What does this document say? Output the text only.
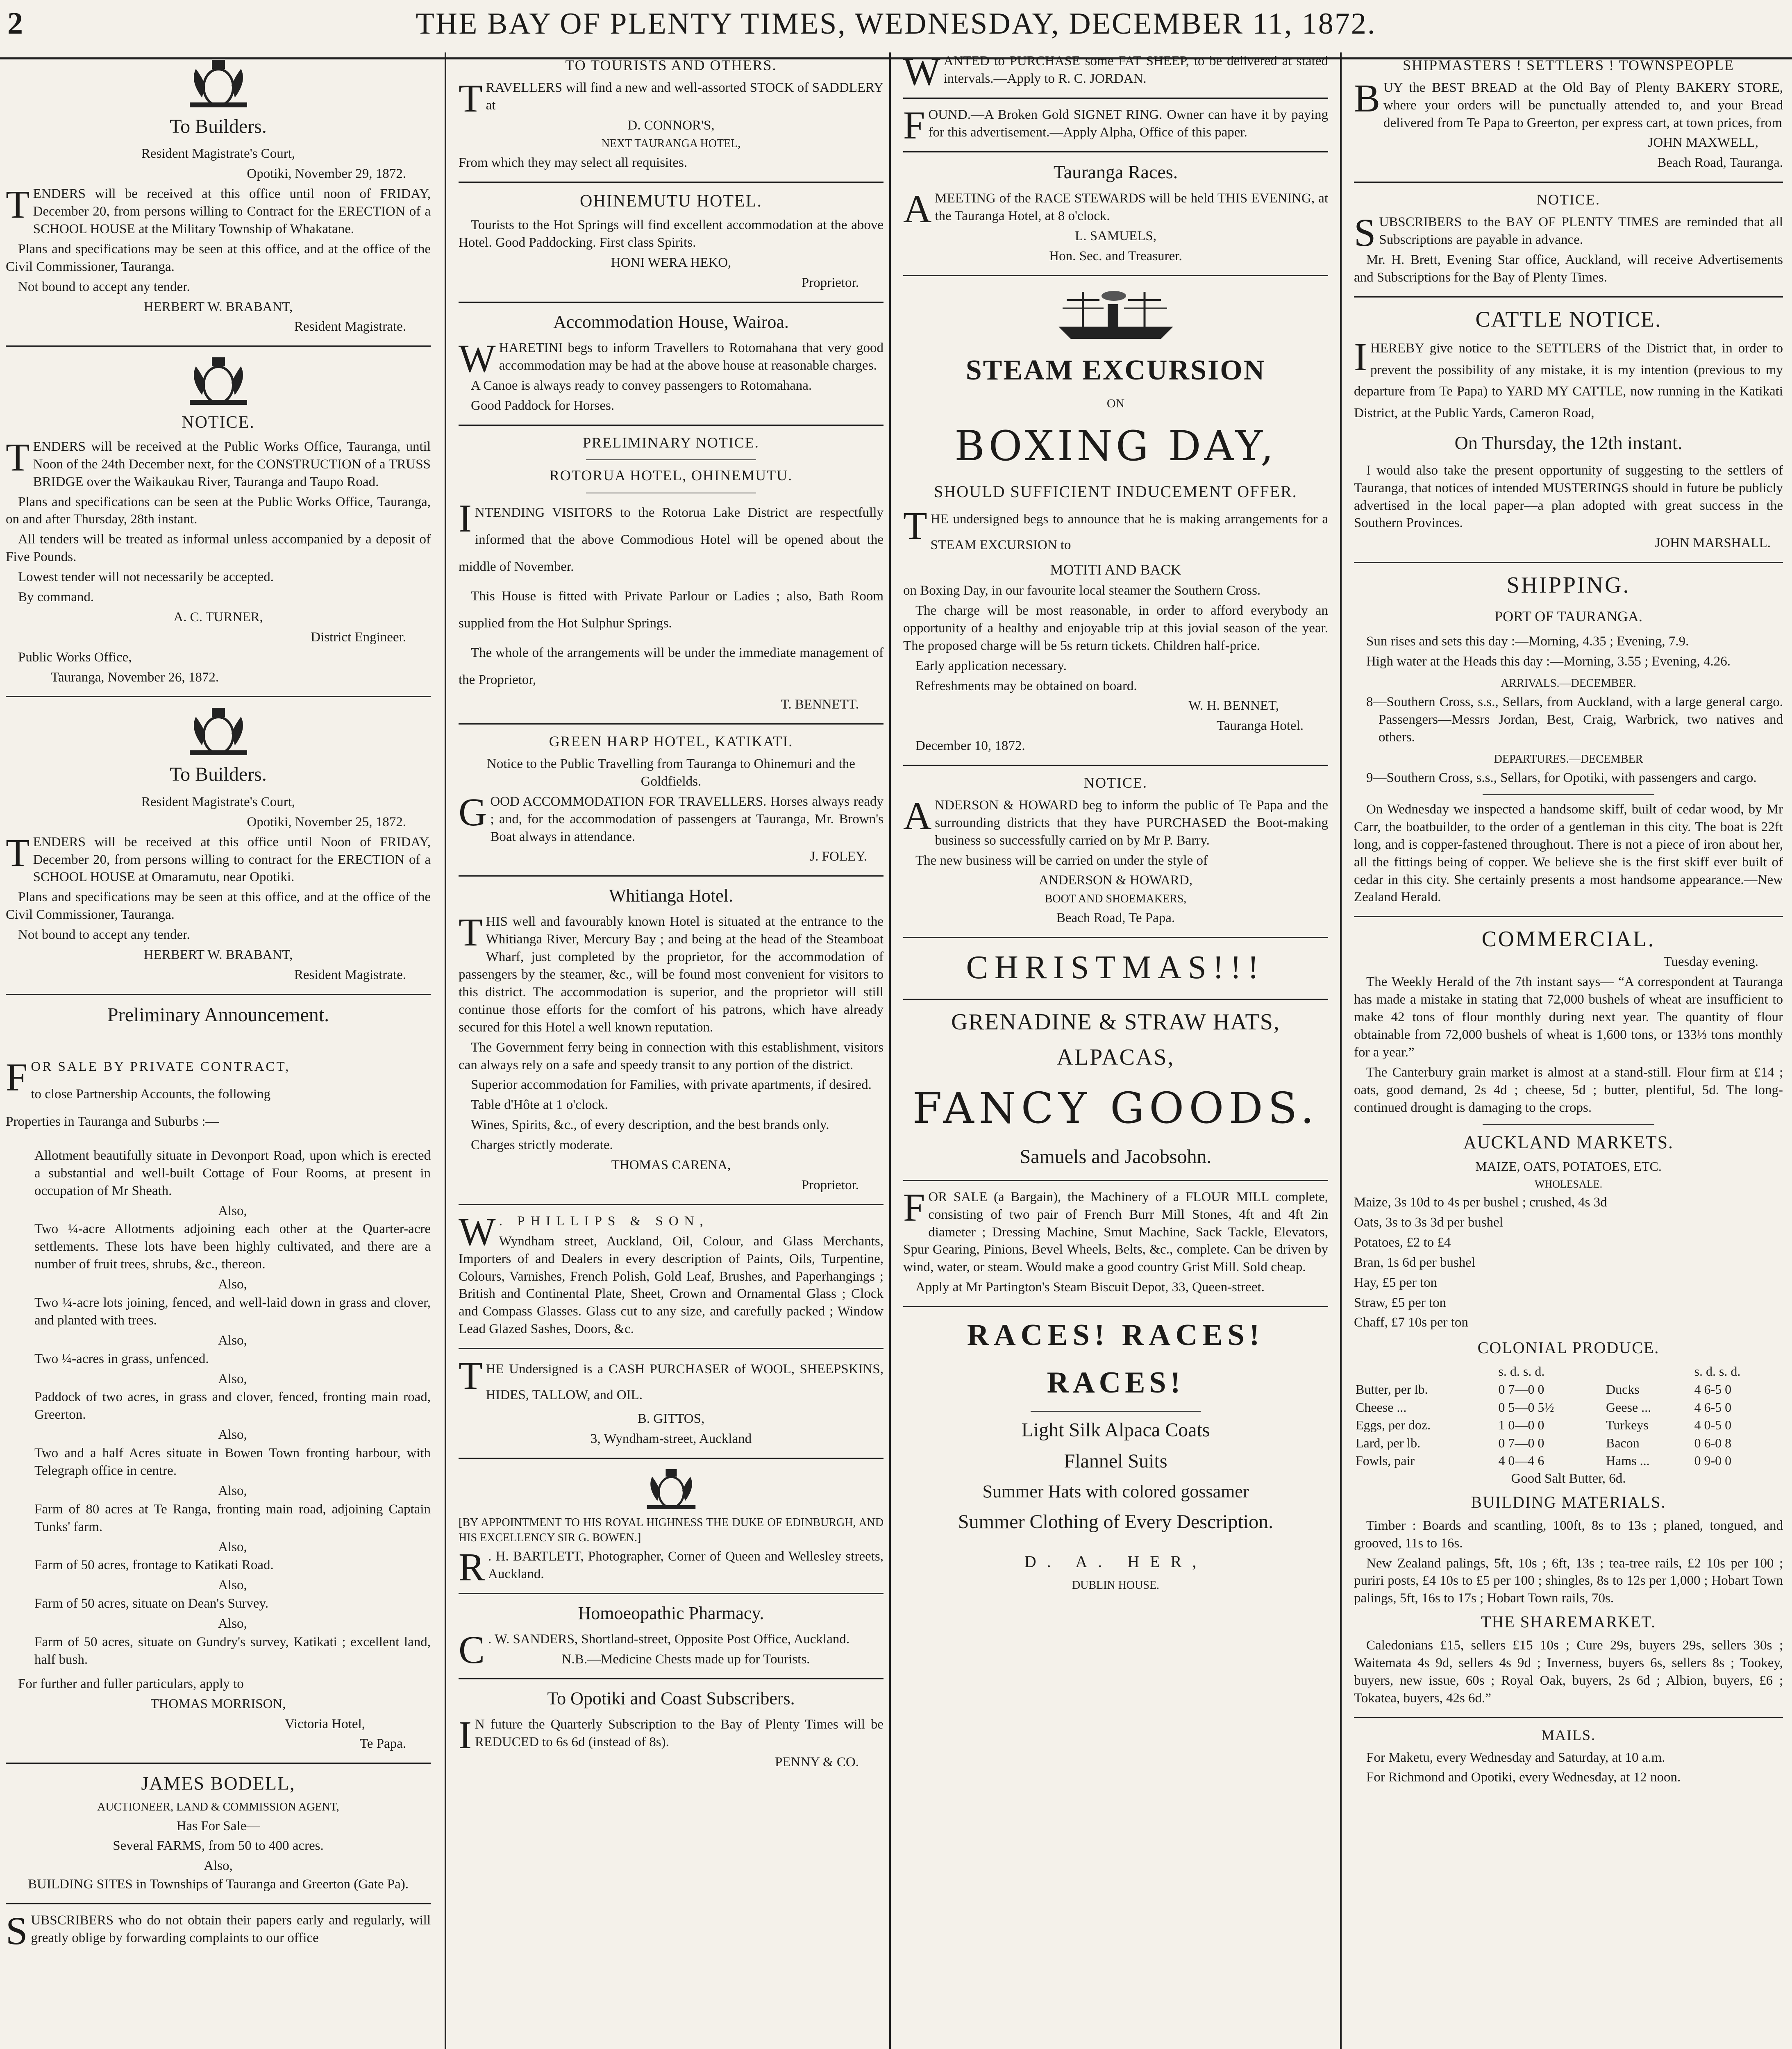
2	THE BAY OF PLENTY TIMES, WEDNESDAY, DECEMBER 11, 1872.
To Builders.

Resident Magistrate's Court,

Opotiki, November 29, 1872.

TENDERS will be received at this office until noon of FRIDAY, December 20, from persons willing to Contract for the ERECTION of a SCHOOL HOUSE at the Military Township of Whakatane.

Plans and specifications may be seen at this office, and at the office of the Civil Commissioner, Tauranga.

Not bound to accept any tender.

HERBERT W. BRABANT,

Resident Magistrate.

NOTICE.

TENDERS will be received at the Public Works Office, Tauranga, until Noon of the 24th December next, for the CONSTRUCTION of a TRUSS BRIDGE over the Waikaukau River, Tauranga and Taupo Road.

Plans and specifications can be seen at the Public Works Office, Tauranga, on and after Thursday, 28th instant.

All tenders will be treated as informal unless accompanied by a deposit of Five Pounds.

Lowest tender will not necessarily be accepted.

By command.

A. C. TURNER,

District Engineer.

Public Works Office,

Tauranga, November 26, 1872.

To Builders.

Resident Magistrate's Court,

Opotiki, November 25, 1872.

TENDERS will be received at this office until Noon of FRIDAY, December 20, from persons willing to contract for the ERECTION of a SCHOOL HOUSE at Omaramutu, near Opotiki.

Plans and specifications may be seen at this office, and at the office of the Civil Commissioner, Tauranga.

Not bound to accept any tender.

HERBERT W. BRABANT,

Resident Magistrate.

Preliminary Announcement.

FOR SALE BY PRIVATE CONTRACT,

to close Partnership Accounts, the following

Properties in Tauranga and Suburbs :—

Allotment beautifully situate in Devonport Road, upon which is erected a substantial and well-built Cottage of Four Rooms, at present in occupation of Mr Sheath.

Also,

Two ¼-acre Allotments adjoining each other at the Quarter-acre settlements. These lots have been highly cultivated, and there are a number of fruit trees, shrubs, &c., thereon.

Also,

Two ¼-acre lots joining, fenced, and well-laid down in grass and clover, and planted with trees.

Also,

Two ¼-acres in grass, unfenced.

Also,

Paddock of two acres, in grass and clover, fenced, fronting main road, Greerton.

Also,

Two and a half Acres situate in Bowen Town fronting harbour, with Telegraph office in centre.

Also,

Farm of 80 acres at Te Ranga, fronting main road, adjoining Captain Tunks' farm.

Also,

Farm of 50 acres, frontage to Katikati Road.

Also,

Farm of 50 acres, situate on Dean's Survey.

Also,

Farm of 50 acres, situate on Gundry's survey, Katikati ; excellent land, half bush.

For further and fuller particulars, apply to

THOMAS MORRISON,

Victoria Hotel,

Te Papa.

JAMES BODELL,

AUCTIONEER, LAND & COMMISSION AGENT,

Has For Sale—

Several FARMS, from 50 to 400 acres.

Also,

BUILDING SITES in Townships of Tauranga and Greerton (Gate Pa).

SUBSCRIBERS who do not obtain their papers early and regularly, will greatly oblige by forwarding complaints to our office

TO TOURISTS AND OTHERS.

TRAVELLERS will find a new and well-assorted STOCK of SADDLERY at

D. CONNOR'S,

NEXT TAURANGA HOTEL,

From which they may select all requisites.

OHINEMUTU HOTEL.

Tourists to the Hot Springs will find excellent accommodation at the above Hotel. Good Paddocking. First class Spirits.

HONI WERA HEKO,

Proprietor.

Accommodation House, Wairoa.

WHARETINI begs to inform Travellers to Rotomahana that very good accommodation may be had at the above house at reasonable charges.

A Canoe is always ready to convey passengers to Rotomahana.

Good Paddock for Horses.

PRELIMINARY NOTICE.
ROTORUA HOTEL, OHINEMUTU.

INTENDING VISITORS to the Rotorua Lake District are respectfully informed that the above Commodious Hotel will be opened about the middle of November.

This House is fitted with Private Parlour or Ladies ; also, Bath Room supplied from the Hot Sulphur Springs.

The whole of the arrangements will be under the immediate management of the Proprietor,

T. BENNETT.

GREEN HARP HOTEL, KATIKATI.

Notice to the Public Travelling from Tauranga to Ohinemuri and the Goldfields.

GOOD ACCOMMODATION FOR TRAVELLERS. Horses always ready ; and, for the accommodation of passengers at Tauranga, Mr. Brown's Boat always in attendance.

J. FOLEY.

Whitianga Hotel.

THIS well and favourably known Hotel is situated at the entrance to the Whitianga River, Mercury Bay ; and being at the head of the Steamboat Wharf, just completed by the proprietor, for the accommodation of passengers by the steamer, &c., will be found most convenient for visitors to this district. The accommodation is superior, and the proprietor will still continue those efforts for the comfort of his patrons, which have already secured for this Hotel a well known reputation.

The Government ferry being in connection with this establishment, visitors can always rely on a safe and speedy transit to any portion of the district.

Superior accommodation for Families, with private apartments, if desired.

Table d'Hôte at 1 o'clock.

Wines, Spirits, &c., of every description, and the best brands only.

Charges strictly moderate.

THOMAS CARENA,

Proprietor.

W . PHILLIPS & SON,

Wyndham street, Auckland, Oil, Colour, and Glass Merchants, Importers of and Dealers in every description of Paints, Oils, Turpentine, Colours, Varnishes, French Polish, Gold Leaf, Brushes, and Paperhangings ; British and Continental Plate, Sheet, Crown and Ornamental Glass ; Clock and Compass Glasses. Glass cut to any size, and carefully packed ; Window Lead Glazed Sashes, Doors, &c.

THE Undersigned is a CASH PURCHASER of WOOL, SHEEPSKINS, HIDES, TALLOW, and OIL.

B. GITTOS,

3, Wyndham-street, Auckland

[BY APPOINTMENT TO HIS ROYAL HIGHNESS THE DUKE OF EDINBURGH, AND HIS EXCELLENCY SIR G. BOWEN.]

R . H. BARTLETT, Photographer, Corner of Queen and Wellesley streets, Auckland.

Homoeopathic Pharmacy.

C . W. SANDERS, Shortland-street, Opposite Post Office, Auckland.

N.B.—Medicine Chests made up for Tourists.

To Opotiki and Coast Subscribers.

I N future the Quarterly Subscription to the Bay of Plenty Times will be REDUCED to 6s 6d (instead of 8s).

PENNY & CO.

WANTED to PURCHASE some FAT SHEEP, to be delivered at stated intervals.—Apply to R. C. JORDAN.

FOUND.—A Broken Gold SIGNET RING. Owner can have it by paying for this advertisement.—Apply Alpha, Office of this paper.

Tauranga Races.

AMEETING of the RACE STEWARDS will be held THIS EVENING, at the Tauranga Hotel, at 8 o'clock.

L. SAMUELS,

Hon. Sec. and Treasurer.

STEAM EXCURSION

ON

BOXING DAY,
SHOULD SUFFICIENT INDUCEMENT OFFER.

THE undersigned begs to announce that he is making arrangements for a STEAM EXCURSION to

MOTITI AND BACK

on Boxing Day, in our favourite local steamer the Southern Cross.

The charge will be most reasonable, in order to afford everybody an opportunity of a healthy and enjoyable trip at this jovial season of the year. The proposed charge will be 5s return tickets. Children half-price.

Early application necessary.

Refreshments may be obtained on board.

W. H. BENNET,

Tauranga Hotel.

December 10, 1872.

NOTICE.

ANDERSON & HOWARD beg to inform the public of Te Papa and the surrounding districts that they have PURCHASED the Boot-making business so successfully carried on by Mr P. Barry.

The new business will be carried on under the style of

ANDERSON & HOWARD,

BOOT AND SHOEMAKERS,

Beach Road, Te Papa.

CHRISTMAS!!!
GRENADINE & STRAW HATS,
ALPACAS,
FANCY GOODS.
Samuels and Jacobsohn.

FOR SALE (a Bargain), the Machinery of a FLOUR MILL complete, consisting of two pair of French Burr Mill Stones, 4ft and 4ft 2in diameter ; Dressing Machine, Smut Machine, Sack Tackle, Elevators, Spur Gearing, Pinions, Bevel Wheels, Belts, &c., complete. Can be driven by wind, water, or steam. Would make a good country Grist Mill. Sold cheap.

Apply at Mr Partington's Steam Biscuit Depot, 33, Queen-street.

RACES! RACES!
RACES!
Light Silk Alpaca Coats
Flannel Suits
Summer Hats with colored gossamer
Summer Clothing of Every Description.
D. A. HER,

DUBLIN HOUSE.

SHIPMASTERS ! SETTLERS ! TOWNSPEOPLE

BUY the BEST BREAD at the Old Bay of Plenty BAKERY STORE, where your orders will be punctually attended to, and your Bread delivered from Te Papa to Greerton, per express cart, at town prices, from

JOHN MAXWELL,

Beach Road, Tauranga.

NOTICE.

SUBSCRIBERS to the BAY OF PLENTY TIMES are reminded that all Subscriptions are payable in advance.

Mr. H. Brett, Evening Star office, Auckland, will receive Advertisements and Subscriptions for the Bay of Plenty Times.

CATTLE NOTICE.

IHEREBY give notice to the SETTLERS of the District that, in order to prevent the possibility of any mistake, it is my intention (previous to my departure from Te Papa) to YARD MY CATTLE, now running in the Katikati District, at the Public Yards, Cameron Road,

On Thursday, the 12th instant.

I would also take the present opportunity of suggesting to the settlers of Tauranga, that notices of intended MUSTERINGS should in future be publicly advertised in the local paper—a plan adopted with great success in the Southern Provinces.

JOHN MARSHALL.

SHIPPING.

PORT OF TAURANGA.

Sun rises and sets this day :—Morning, 4.35 ; Evening, 7.9.

High water at the Heads this day :—Morning, 3.55 ; Evening, 4.26.

ARRIVALS.—DECEMBER.

8—Southern Cross, s.s., Sellars, from Auckland, with a large general cargo. Passengers—Messrs Jordan, Best, Craig, Warbrick, two natives and others.

DEPARTURES.—DECEMBER

9—Southern Cross, s.s., Sellars, for Opotiki, with passengers and cargo.

On Wednesday we inspected a handsome skiff, built of cedar wood, by Mr Carr, the boatbuilder, to the order of a gentleman in this city. The boat is 22ft long, and is copper-fastened throughout. There is not a piece of iron about her, all the fittings being of copper. We believe she is the first skiff ever built of cedar in this city. She certainly presents a most handsome appearance.—New Zealand Herald.

COMMERCIAL.

Tuesday evening.

The Weekly Herald of the 7th instant says— “A correspondent at Tauranga has made a mistake in stating that 72,000 bushels of wheat are insufficient to make 42 tons of flour monthly during next year. The quantity of flour obtainable from 72,000 bushels of wheat is 1,600 tons, or 133⅓ tons monthly for a year.”

The Canterbury grain market is almost at a stand-still. Flour firm at £14 ; oats, good demand, 2s 4d ; cheese, 5d ; butter, plentiful, 5d. The long-continued drought is damaging to the crops.

AUCKLAND MARKETS.

MAIZE, OATS, POTATOES, ETC.

WHOLESALE.

Maize, 3s 10d to 4s per bushel ; crushed, 4s 3d

Oats, 3s to 3s 3d per bushel

Potatoes, £2 to £4

Bran, 1s 6d per bushel

Hay, £5 per ton

Straw, £5 per ton

Chaff, £7 10s per ton

COLONIAL PRODUCE.
	s. d. s. d.		s. d. s. d.
Butter, per lb.	0 7—0 0	Ducks	4 6-5 0
Cheese ...	0 5—0 5½	Geese ...	4 6-5 0
Eggs, per doz.	1 0—0 0	Turkeys	4 0-5 0
Lard, per lb.	0 7—0 0	Bacon	0 6-0 8
Fowls, pair	4 0—4 6	Hams ...	0 9-0 0

Good Salt Butter, 6d.

BUILDING MATERIALS.

Timber : Boards and scantling, 100ft, 8s to 13s ; planed, tongued, and grooved, 11s to 16s.

New Zealand palings, 5ft, 10s ; 6ft, 13s ; tea-tree rails, £2 10s per 100 ; puriri posts, £4 10s to £5 per 100 ; shingles, 8s to 12s per 1,000 ; Hobart Town palings, 5ft, 16s to 17s ; Hobart Town rails, 70s.

THE SHAREMARKET.

Caledonians £15, sellers £15 10s ; Cure 29s, buyers 29s, sellers 30s ; Waitemata 4s 9d, sellers 4s 9d ; Inverness, buyers 6s, sellers 8s ; Tookey, buyers, new issue, 60s ; Royal Oak, buyers, 2s 6d ; Albion, buyers, £6 ; Tokatea, buyers, 42s 6d.”

MAILS.

For Maketu, every Wednesday and Saturday, at 10 a.m.

For Richmond and Opotiki, every Wednesday, at 12 noon.
